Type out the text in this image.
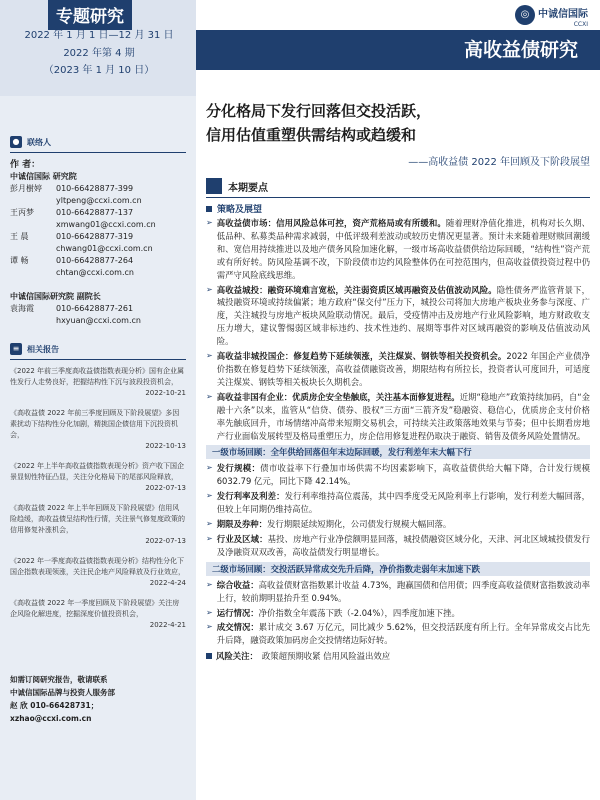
专题研究
2022 年 1 月 1 日—12 月 31 日
2022 年第 4 期
（2023 年 1 月 10 日）
◎ 中诚信国际
CCXI
高收益债研究
● 联络人
作 者：
中诚信国际 研究院
彭月樹婷	010-66428877-399
yltpeng@ccxi.com.cn
王丙梦	010-66428877-137
xmwang01@ccxi.com.cn
王 晨	010-66428877-319
chwang01@ccxi.com.cn
谭 畅	010-66428877-264
chtan@ccxi.com.cn
中诚信国际研究院 副院长
袁海霞	010-66428877-261
hxyuan@ccxi.com.cn
≡ 相关报告
《2022 年前三季度高收益债指数表现分析》国有企业属性发行人走势良好，把握结构性下沉与波段投资机会，
2022-10-21
《高收益债 2022 年前三季度回顾及下阶段展望》多因素扰动下结构性分化加剧，精挑国企债信用下沉投资机会，
2022-10-13
《2022 年上半年高收益债指数表现分析》资产收下国企景显韧性特征凸显，关注分化格局下的尾部风险释放，
2022-07-13
《高收益债 2022 年上半年回顾及下阶段展望》信用风险趋缓，高收益债呈结构性行情，关注景气修复度政策的信用修复补涨机会，
2022-07-13
《2022 年一季度高收益债指数表现分析》结构性分化下国企指数表现领涨，关注民企地产风险释放及行业效应，
2022-4-24
《高收益债 2022 年一季度回顾及下阶段展望》关注房企风险化解进度，挖掘深度价值投资机会，
2022-4-21
如需订阅研究报告，敬请联系
中诚信国际品牌与投资人服务部
赵 欣 010-66428731；
xzhao@ccxi.com.cn
分化格局下发行回落但交投活跃，
信用估值重塑供需结构或趋缓和
——高收益债 2022 年回顾及下阶段展望
本期要点
策略及展望
➢ 高收益债市场：信用风险总体可控，资产荒格局或有所缓和。随着理财净值化推进，机构对长久期、低品种、私募类品种需求减弱，中低评级利差波动或较历史情况更显著。预计未来随着理财赎回潮缓和、宽信用持续推进以及地产债务风险加速化解，一级市场高收益债供给边际回暖，“结构性”资产荒或有所好转。防风险基调不改，下阶段债市边约风险整体仍在可控范围内，但高收益债投资过程中仍需严守风险底线思维。
➢ 高收益城投：融资环境难言宽松，关注弱资质区域再融资及估值波动风险。隐性债务严监管背景下，城投融资环境或持续偏紧；地方政府“保交付”压力下，城投公司将加大房地产板块业务参与深度、广度，关注城投与房地产板块风险联动情况。最后，受疫情冲击及房地产行业风险影响，地方财政收支压力增大，建议警惕弱区域非标违约、技术性违约、展期等事件对区域再融资的影响及估值波动风险。
➢ 高收益非城投国企：修复趋势下延续领涨，关注煤炭、钢铁等相关投资机会。2022 年国企产业债净价指数在修复趋势下延续领涨，高收益债融资改善，期限结构有所拉长，投资者认可度回升，可适度关注煤炭、钢铁等相关板块长久期机会。
➢ 高收益非国有企业：优质房企安全垫触底，关注基本面修复进程。近期“稳地产”政策持续加码，自“金融十六条”以来，监管从“信贷、债券、股权”三方面“三箭齐发”稳融资、稳信心，优质房企支付价格率先触底回升，市场情绪冲高带来短期交易机会，可持续关注政策落地效果与节奏；但中长期看房地产行业面临发展转型及格局重塑压力，房企信用修复进程仍取决于融资、销售及债务风险处置情况。
一级市场回顾：全年供给回落但年末边际回暖，发行利差年末大幅下行
➢ 发行规模：债市收益率下行叠加市场供需不均因素影响下，高收益债供给大幅下降，合计发行规模 6032.79 亿元，同比下降 42.14%。
➢ 发行利率及利差：发行利率维持高位震荡，其中四季度受无风险利率上行影响，发行利差大幅回落，但较上年同期仍维持高位。
➢ 期限及券种：发行期限延续短期化，公司债发行规模大幅回落。
➢ 行业及区域：基投、房地产行业净偿额明显回落，城投债融资区域分化，天津、河北区域城投债发行及净融资双双改善，高收益债发行明显增长。
二级市场回顾：交投活跃异常成交先升后降，净价指数走弱年末加速下跌
➢ 综合收益：高收益债财富指数累计收益 4.73%，跑赢国债和信用债；四季度高收益债财富指数波动率上行，较前期明显抬升至 0.94%。
➢ 运行情况：净价指数全年震荡下跌（-2.04%），四季度加速下挫。
➢ 成交情况：累计成交 3.67 万亿元，同比减少 5.62%，但交投活跃度有所上行。全年异常成交占比先升后降，融资政策加码房企交投情绪边际好转。
风险关注： 政策超预期收紧 信用风险溢出效应
